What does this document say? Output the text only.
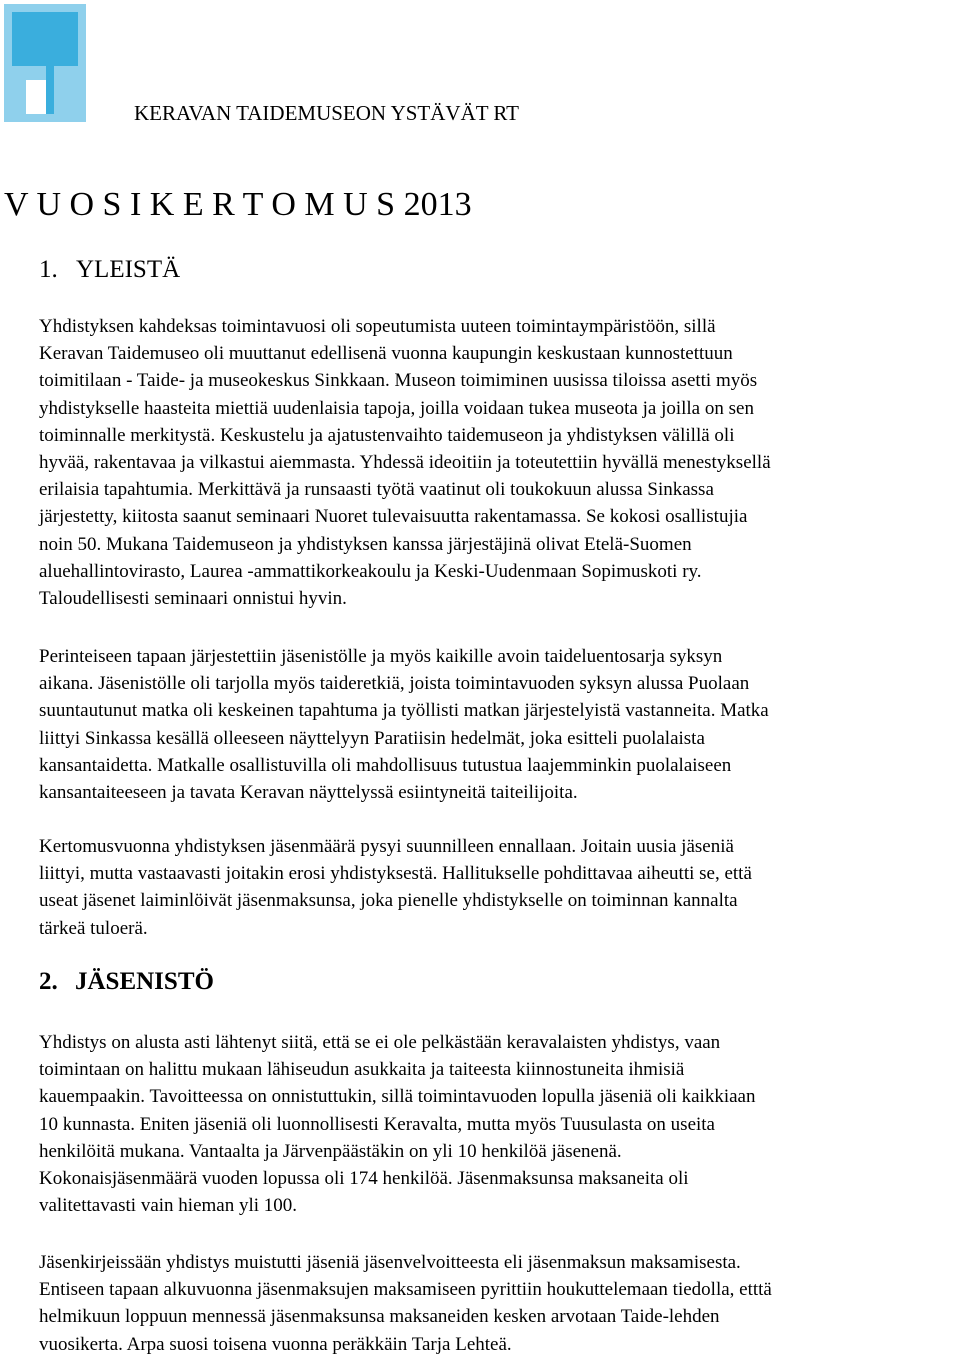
KERAVAN TAIDEMUSEON YSTÄVÄT RT
V U O S I K E R T O M U S 2013
1. YLEISTÄ

Yhdistyksen kahdeksas toimintavuosi oli sopeutumista uuteen toimintaympäristöön, sillä
Keravan Taidemuseo oli muuttanut edellisenä vuonna kaupungin keskustaan kunnostettuun
toimitilaan - Taide- ja museokeskus Sinkkaan. Museon toimiminen uusissa tiloissa asetti myös
yhdistykselle haasteita miettiä uudenlaisia tapoja, joilla voidaan tukea museota ja joilla on sen
toiminnalle merkitystä. Keskustelu ja ajatustenvaihto taidemuseon ja yhdistyksen välillä oli
hyvää, rakentavaa ja vilkastui aiemmasta. Yhdessä ideoitiin ja toteutettiin hyvällä menestyksellä
erilaisia tapahtumia. Merkittävä ja runsaasti työtä vaatinut oli toukokuun alussa Sinkassa
järjestetty, kiitosta saanut seminaari Nuoret tulevaisuutta rakentamassa. Se kokosi osallistujia
noin 50. Mukana Taidemuseon ja yhdistyksen kanssa järjestäjinä olivat Etelä-Suomen
aluehallintovirasto, Laurea -ammattikorkeakoulu ja Keski-Uudenmaan Sopimuskoti ry.
Taloudellisesti seminaari onnistui hyvin.

Perinteiseen tapaan järjestettiin jäsenistölle ja myös kaikille avoin taideluentosarja syksyn
aikana. Jäsenistölle oli tarjolla myös taideretkiä, joista toimintavuoden syksyn alussa Puolaan
suuntautunut matka oli keskeinen tapahtuma ja työllisti matkan järjestelyistä vastanneita. Matka
liittyi Sinkassa kesällä olleeseen näyttelyyn Paratiisin hedelmät, joka esitteli puolalaista
kansantaidetta. Matkalle osallistuvilla oli mahdollisuus tutustua laajemminkin puolalaiseen
kansantaiteeseen ja tavata Keravan näyttelyssä esiintyneitä taiteilijoita.

Kertomusvuonna yhdistyksen jäsenmäärä pysyi suunnilleen ennallaan. Joitain uusia jäseniä
liittyi, mutta vastaavasti joitakin erosi yhdistyksestä. Hallitukselle pohdittavaa aiheutti se, että
useat jäsenet laiminlöivät jäsenmaksunsa, joka pienelle yhdistykselle on toiminnan kannalta
tärkeä tuloerä.

2. JÄSENISTÖ

Yhdistys on alusta asti lähtenyt siitä, että se ei ole pelkästään keravalaisten yhdistys, vaan
toimintaan on halittu mukaan lähiseudun asukkaita ja taiteesta kiinnostuneita ihmisiä
kauempaakin. Tavoitteessa on onnistuttukin, sillä toimintavuoden lopulla jäseniä oli kaikkiaan
10 kunnasta. Eniten jäseniä oli luonnollisesti Keravalta, mutta myös Tuusulasta on useita
henkilöitä mukana. Vantaalta ja Järvenpäästäkin on yli 10 henkilöä jäsenenä.
Kokonaisjäsenmäärä vuoden lopussa oli 174 henkilöä. Jäsenmaksunsa maksaneita oli
valitettavasti vain hieman yli 100.

Jäsenkirjeissään yhdistys muistutti jäseniä jäsenvelvoitteesta eli jäsenmaksun maksamisesta.
Entiseen tapaan alkuvuonna jäsenmaksujen maksamiseen pyrittiin houkuttelemaan tiedolla, etttä
helmikuun loppuun mennessä jäsenmaksunsa maksaneiden kesken arvotaan Taide-lehden
vuosikerta. Arpa suosi toisena vuonna peräkkäin Tarja Lehteä.
